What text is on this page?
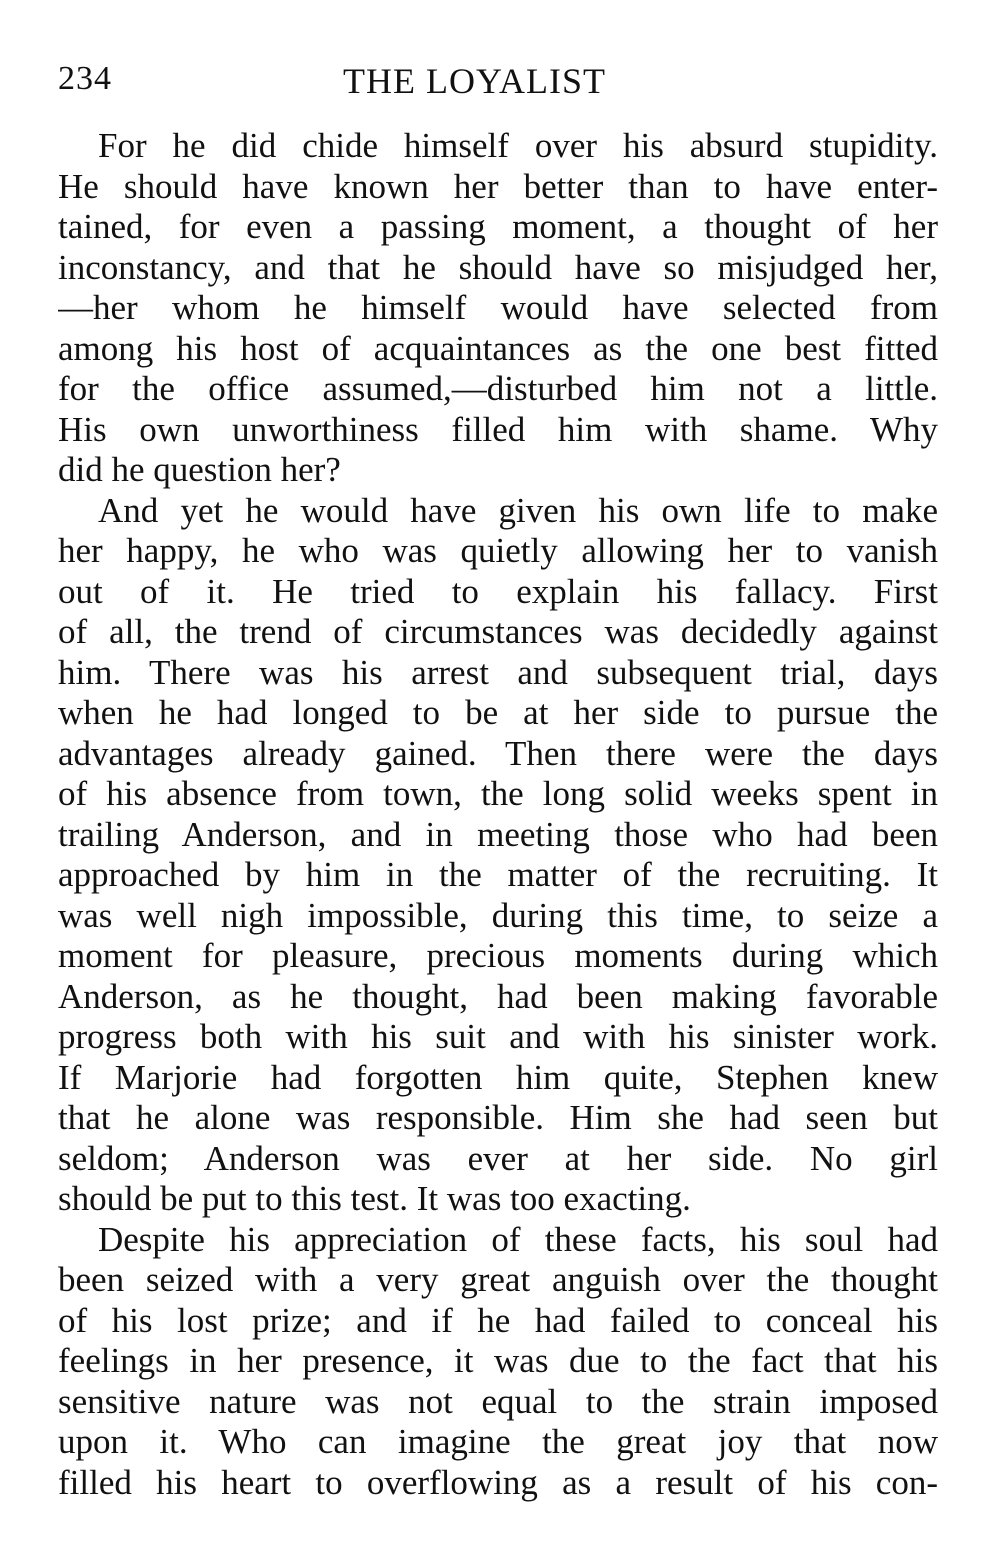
234	THE LOYALIST
For he did chide himself over his absurd stupidity.
He should have known her better than to have enter-
tained, for even a passing moment, a thought of her
inconstancy, and that he should have so misjudged her,
—her whom he himself would have selected from
among his host of acquaintances as the one best fitted
for the office assumed,—disturbed him not a little.
His own unworthiness filled him with shame. Why
did he question her?
And yet he would have given his own life to make
her happy, he who was quietly allowing her to vanish
out of it. He tried to explain his fallacy. First
of all, the trend of circumstances was decidedly against
him. There was his arrest and subsequent trial, days
when he had longed to be at her side to pursue the
advantages already gained. Then there were the days
of his absence from town, the long solid weeks spent in
trailing Anderson, and in meeting those who had been
approached by him in the matter of the recruiting. It
was well nigh impossible, during this time, to seize a
moment for pleasure, precious moments during which
Anderson, as he thought, had been making favorable
progress both with his suit and with his sinister work.
If Marjorie had forgotten him quite, Stephen knew
that he alone was responsible. Him she had seen but
seldom; Anderson was ever at her side. No girl
should be put to this test. It was too exacting.
Despite his appreciation of these facts, his soul had
been seized with a very great anguish over the thought
of his lost prize; and if he had failed to conceal his
feelings in her presence, it was due to the fact that his
sensitive nature was not equal to the strain imposed
upon it. Who can imagine the great joy that now
filled his heart to overflowing as a result of his con-
